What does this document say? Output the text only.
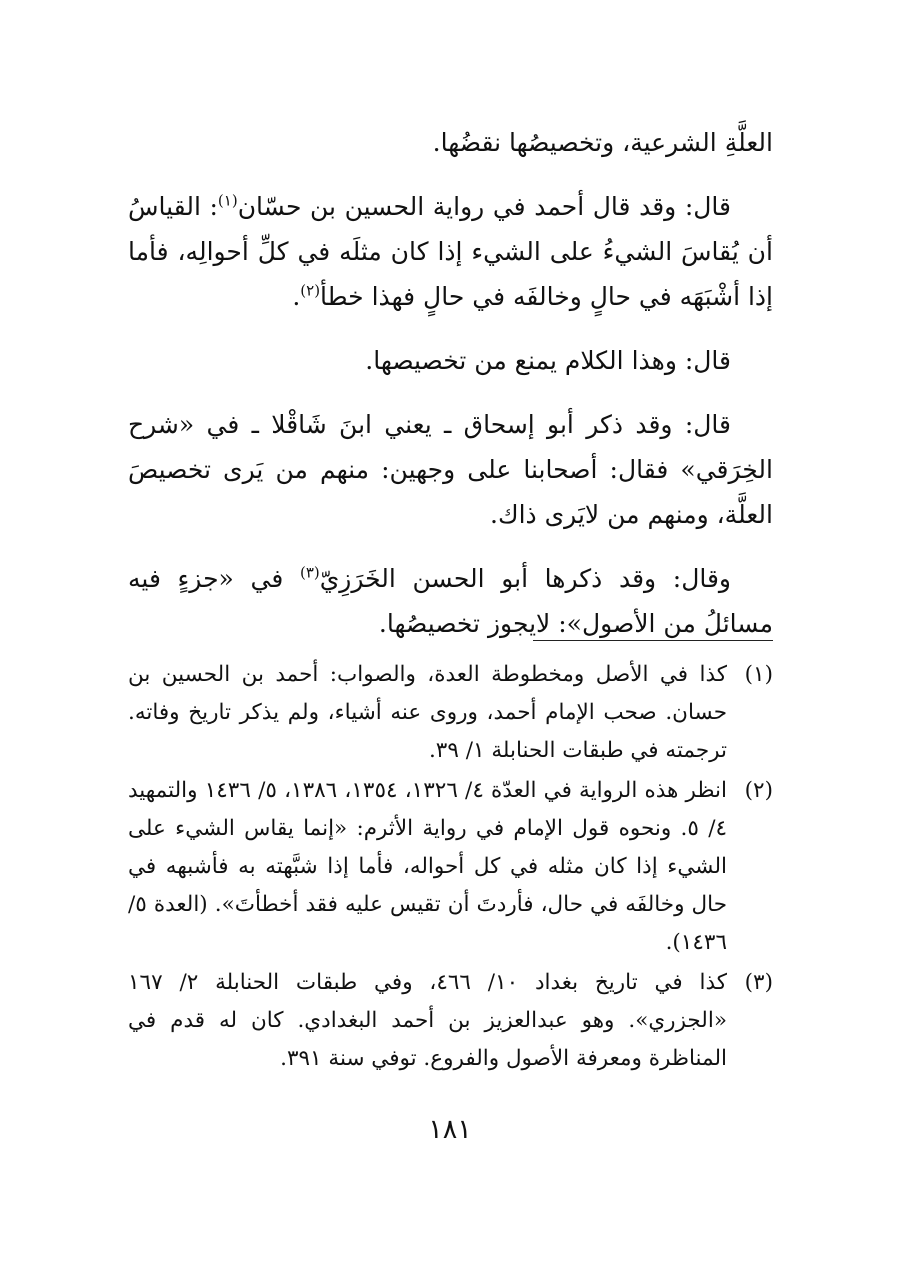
العلَّةِ الشرعية، وتخصيصُها نقضُها.

قال: وقد قال أحمد في رواية الحسين بن حسّان$^{(١)}$: القياسُ أن يُقاسَ الشيءُ على الشيء إذا كان مثلَه في كلِّ أحوالِه، فأما إذا أشْبَهَه في حالٍ وخالفَه في حالٍ فهذا خطأ$^{(٢)}$.

قال: وهذا الكلام يمنع من تخصيصها.

قال: وقد ذكر أبو إسحاق ـ يعني ابنَ شَاقْلا ـ في «شرح الخِرَقي» فقال: أصحابنا على وجهين: منهم من يَرى تخصيصَ العلَّة، ومنهم من لايَرى ذاك.

وقال: وقد ذكرها أبو الحسن الخَرَزِيّ$^{(٣)}$ في «جزءٍ فيه مسائلُ من الأصول»: لايجوز تخصيصُها.

(١)
كذا في الأصل ومخطوطة العدة، والصواب: أحمد بن الحسين بن حسان. صحب الإمام أحمد، وروى عنه أشياء، ولم يذكر تاريخ وفاته. ترجمته في طبقات الحنابلة ١/ ٣٩.
(٢)
انظر هذه الرواية في العدّة ٤/ ١٣٢٦، ١٣٥٤، ١٣٨٦، ٥/ ١٤٣٦ والتمهيد ٤/ ٥. ونحوه قول الإمام في رواية الأثرم: «إنما يقاس الشيء على الشيء إذا كان مثله في كل أحواله، فأما إذا شبَّهته به فأشبهه في حال وخالفَه في حال، فأردتَ أن تقيس عليه فقد أخطأتَ». (العدة ٥/ ١٤٣٦).
(٣)
كذا في تاريخ بغداد ١٠/ ٤٦٦، وفي طبقات الحنابلة ٢/ ١٦٧ «الجزري». وهو عبدالعزيز بن أحمد البغدادي. كان له قدم في المناظرة ومعرفة الأصول والفروع. توفي سنة ٣٩١.
١٨١
